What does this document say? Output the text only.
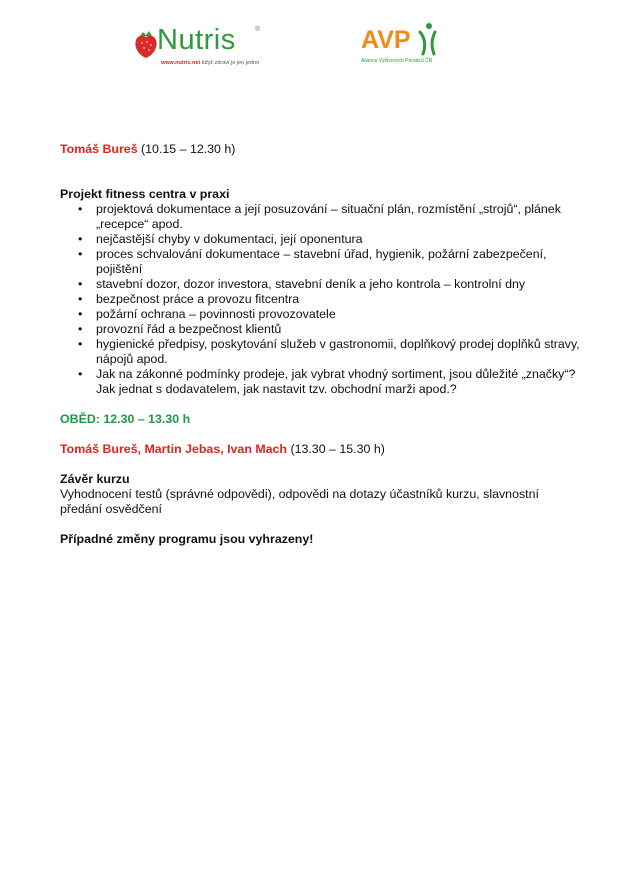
Nutris	®
www.nutris.net když zdraví je jen jedno
AVP
Aliance Výživových Poradců ČR

Tomáš Bureš (10.15 – 12.30 h)

Projekt fitness centra v praxi

• projektová dokumentace a její posuzování – situační plán, rozmístění „strojů“, plánek „recepce“ apod.
• nejčastější chyby v dokumentaci, její oponentura
• proces schvalování dokumentace – stavební úřad, hygienik, požární zabezpečení, pojištění
• stavební dozor, dozor investora, stavební deník a jeho kontrola – kontrolní dny
• bezpečnost práce a provozu fitcentra
• požární ochrana – povinnosti provozovatele
• provozní řád a bezpečnost klientů
• hygienické předpisy, poskytování služeb v gastronomii, doplňkový prodej doplňků stravy, nápojů apod.
• Jak na zákonné podmínky prodeje, jak vybrat vhodný sortiment, jsou důležité „značky“? Jak jednat s dodavatelem, jak nastavit tzv. obchodní marži apod.?

OBĚD: 12.30 – 13.30 h

Tomáš Bureš, Martin Jebas, Ivan Mach (13.30 – 15.30 h)

Závěr kurzu

Vyhodnocení testů (správné odpovědi), odpovědi na dotazy účastníků kurzu, slavnostní předání osvědčení

Případné změny programu jsou vyhrazeny!
